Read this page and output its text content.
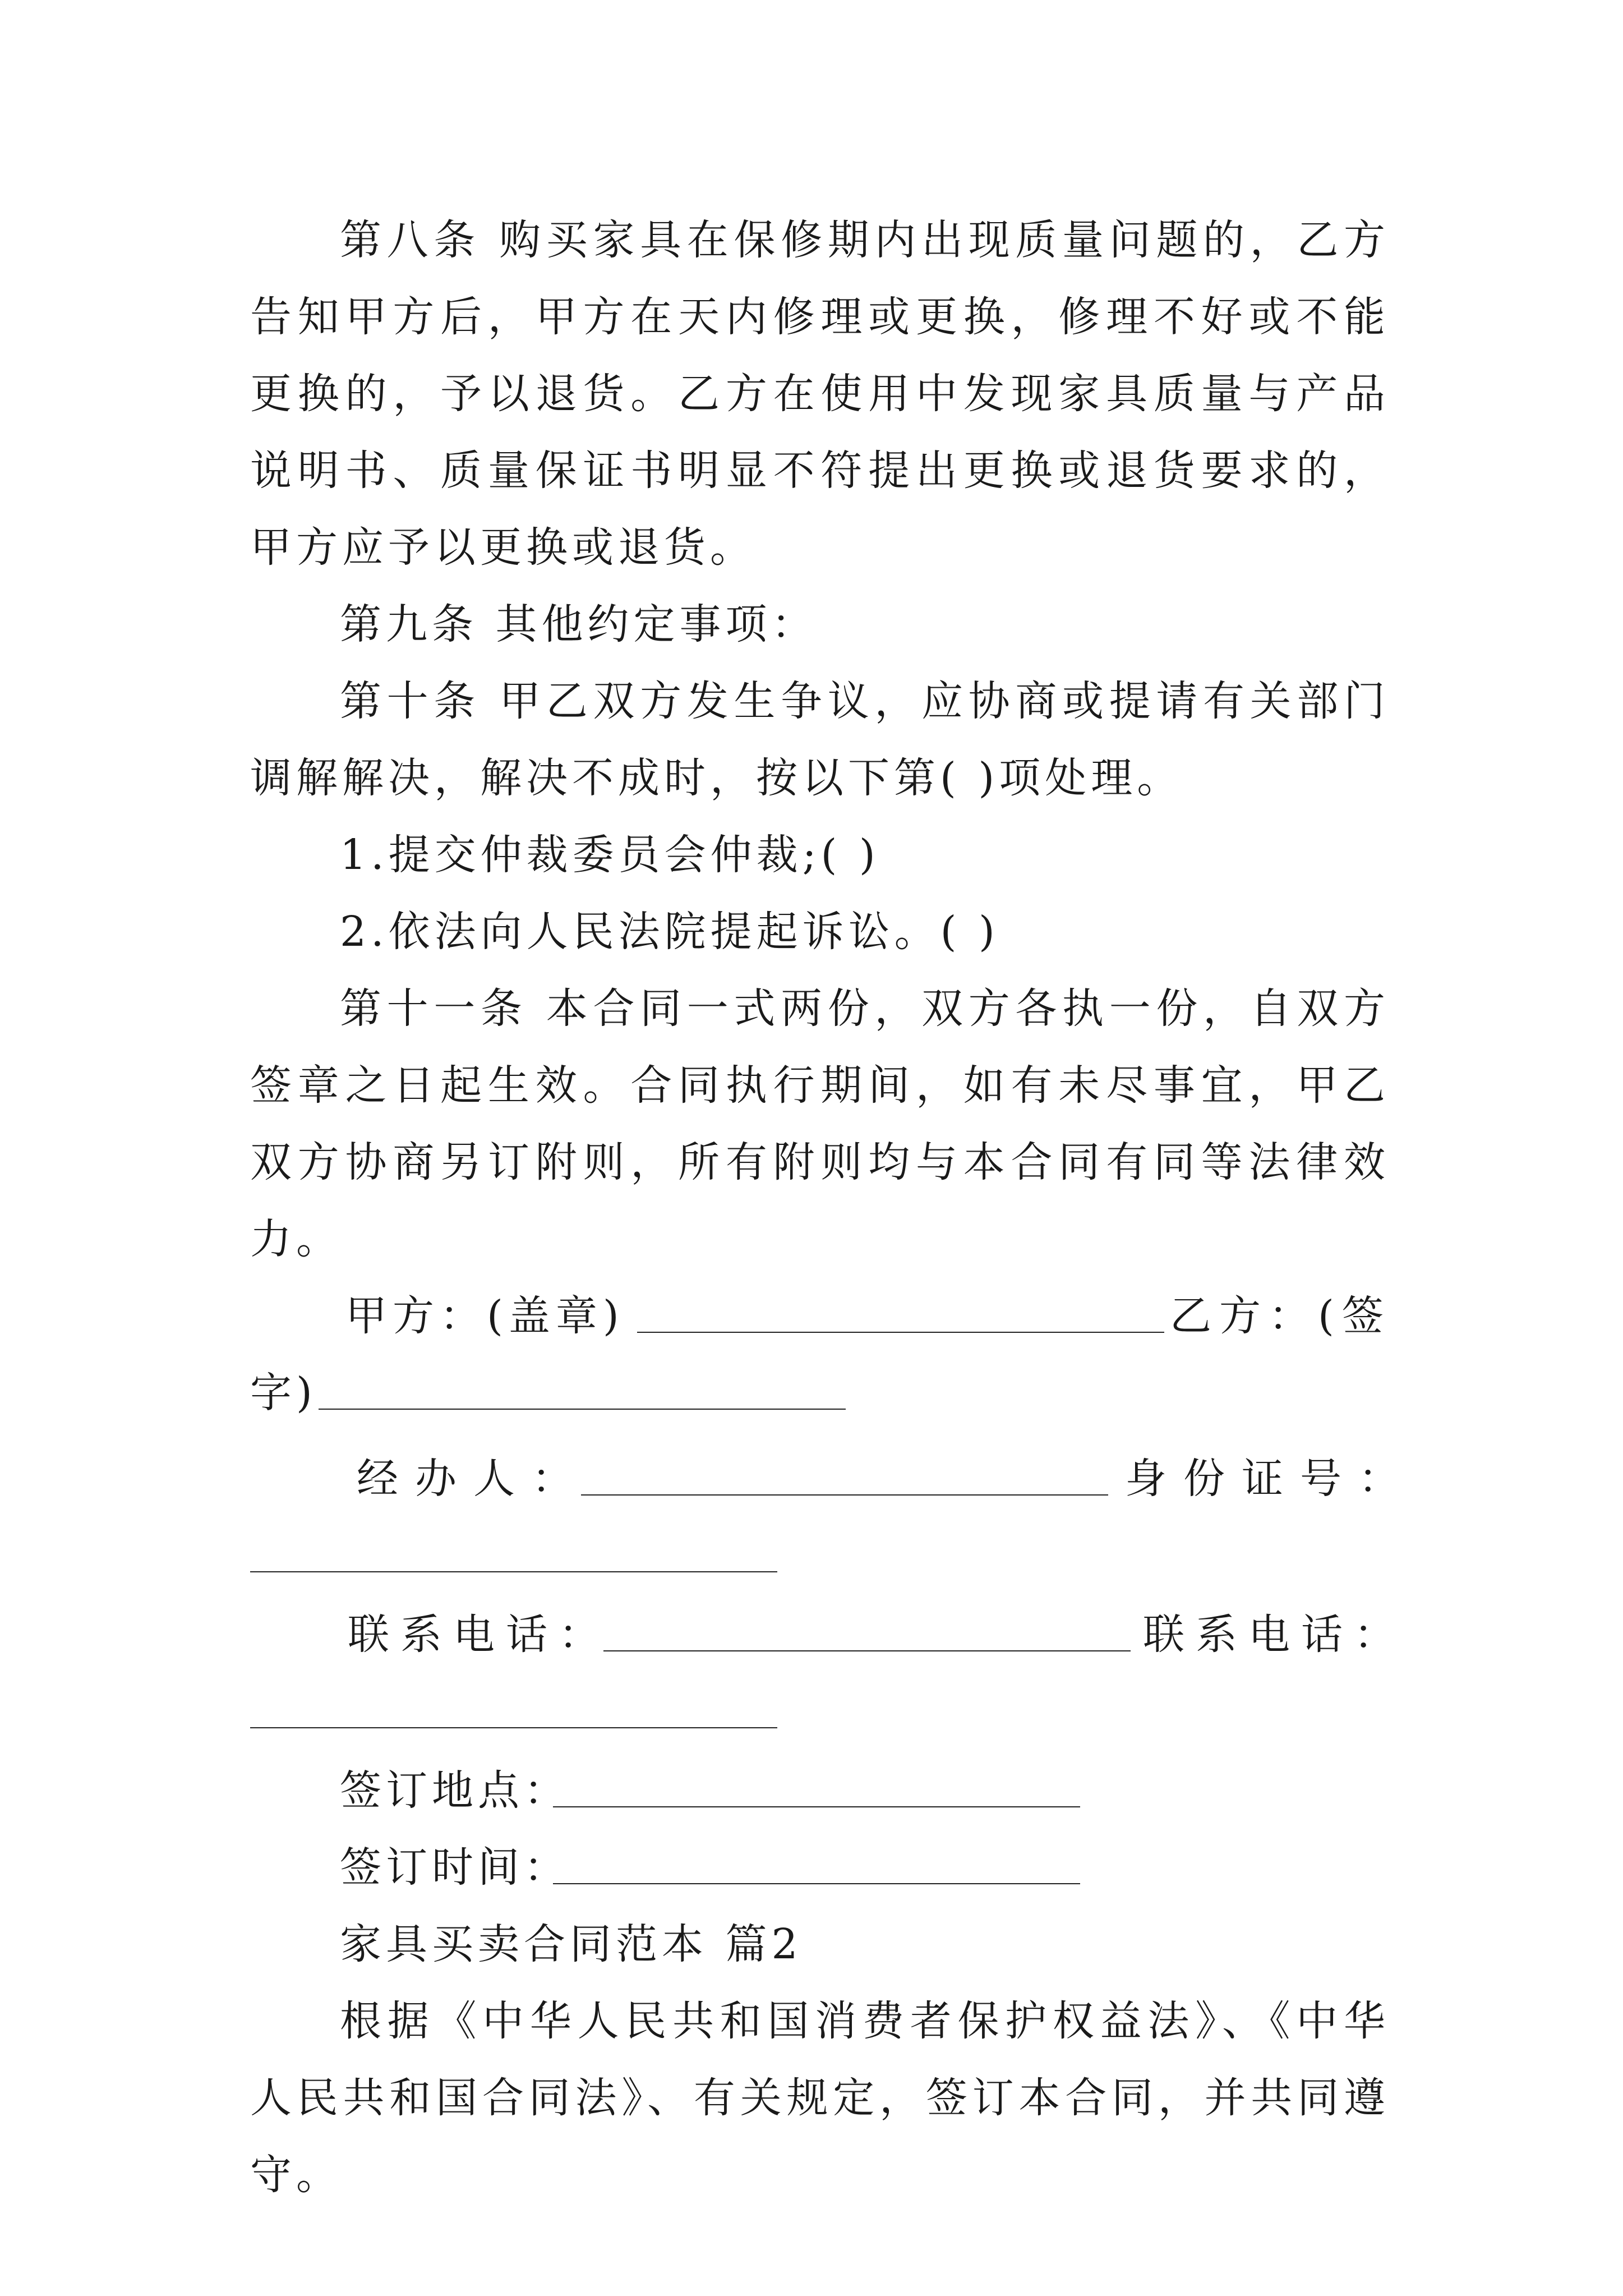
第八条 购买家具在保修期内出现质量问题的，乙方告知甲方后，甲方在天内修理或更换，修理不好或不能更换的，予以退货。乙方在使用中发现家具质量与产品说明书、质量保证书明显不符提出更换或退货要求的，甲方应予以更换或退货。

第九条 其他约定事项：

第十条 甲乙双方发生争议，应协商或提请有关部门调解解决，解决不成时，按以下第( )项处理。

1.提交仲裁委员会仲裁;( )

2.依法向人民法院提起诉讼。( )

第十一条 本合同一式两份，双方各执一份，自双方签章之日起生效。合同执行期间，如有未尽事宜，甲乙双方协商另订附则，所有附则均与本合同有同等法律效力。

甲方：(盖章)	乙方：(签
字)
经办人：	身份证号：
联系电话：	联系电话：
签订地点：
签订时间：

家具买卖合同范本 篇2

根据《中华人民共和国消费者保护权益法》、《中华人民共和国合同法》、有关规定，签订本合同，并共同遵守。
